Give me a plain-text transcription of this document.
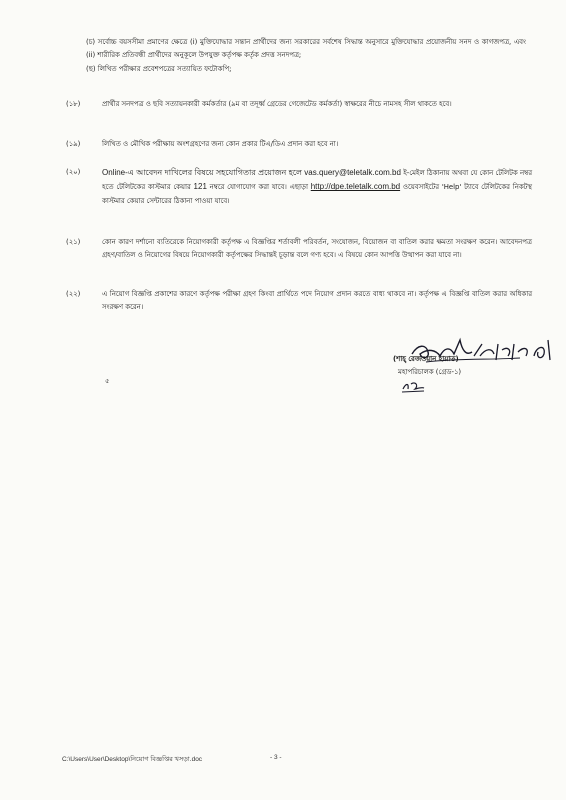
(চ) সর্বোচ্চ বয়সসীমা প্রমাণের ক্ষেত্রে (i) মুক্তিযোদ্ধার সন্তান প্রার্থীদের জন্য সরকারের সর্বশেষ সিদ্ধান্ত অনুসারে মুক্তিযোদ্ধার প্রয়োজনীয় সনদ ও কাগজপত্র, এবং (ii) শারীরিক প্রতিবন্ধী প্রার্থীদের অনুকূলে উপযুক্ত কর্তৃপক্ষ কর্তৃক প্রদত্ত সনদপত্র;

(ছ) লিখিত পরীক্ষার প্রবেশপত্রের সত্যায়িত ফটোকপি;

(১৮)	প্রার্থীর সনদপত্র ও ছবি সত্যায়নকারী কর্মকর্তার (৯ম বা তদূর্ধ্ব গ্রেডের গেজেটেড কর্মকর্তা) স্বাক্ষরের নীচে নামসহ সীল থাকতে হবে।
(১৯)	লিখিত ও মৌখিক পরীক্ষায় অংশগ্রহণের জন্য কোন প্রকার টিএ/ডিএ প্রদান করা হবে না।
(২০)	Online-এ আবেদন দাখিলের বিষয়ে সহযোগিতার প্রয়োজন হলে vas.query@teletalk.com.bd ই-মেইল ঠিকানায় অথবা যে কোন টেলিটক নম্বর হতে টেলিটকের কাস্টমার কেয়ার 121 নম্বরে যোগাযোগ করা যাবে। এছাড়া http://dpe.teletalk.com.bd ওয়েবসাইটের 'Help' ট্যাবে টেলিটকের নিকটস্থ কাস্টমার কেয়ার সেন্টারের ঠিকানা পাওয়া যাবে।
(২১)	কোন কারণ দর্শানো ব্যতিরেকে নিয়োগকারী কর্তৃপক্ষ এ বিজ্ঞপ্তির শর্তাবলী পরিবর্তন, সংযোজন, বিয়োজন বা বাতিল করার ক্ষমতা সংরক্ষণ করেন। আবেদনপত্র গ্রহণ/বাতিল ও নিয়োগের বিষয়ে নিয়োগকারী কর্তৃপক্ষের সিদ্ধান্তই চূড়ান্ত বলে গণ্য হবে। এ বিষয়ে কোন আপত্তি উত্থাপন করা যাবে না।
(২২)	এ নিয়োগ বিজ্ঞপ্তি প্রকাশের কারণে কর্তৃপক্ষ পরীক্ষা গ্রহণ কিংবা প্রার্থিতে পদে নিয়োগ প্রদান করতে বাধ্য থাকবে না। কর্তৃপক্ষ এ বিজ্ঞপ্তি বাতিল করার অধিকার সংরক্ষণ করেন।
(শাহ্ রেজওয়ান হায়াত)
মহাপরিচালক (গ্রেড-১)
৫
C:\Users\User\Desktop\নিয়োগ বিজ্ঞপ্তির খসড়া.doc	- 3 -
